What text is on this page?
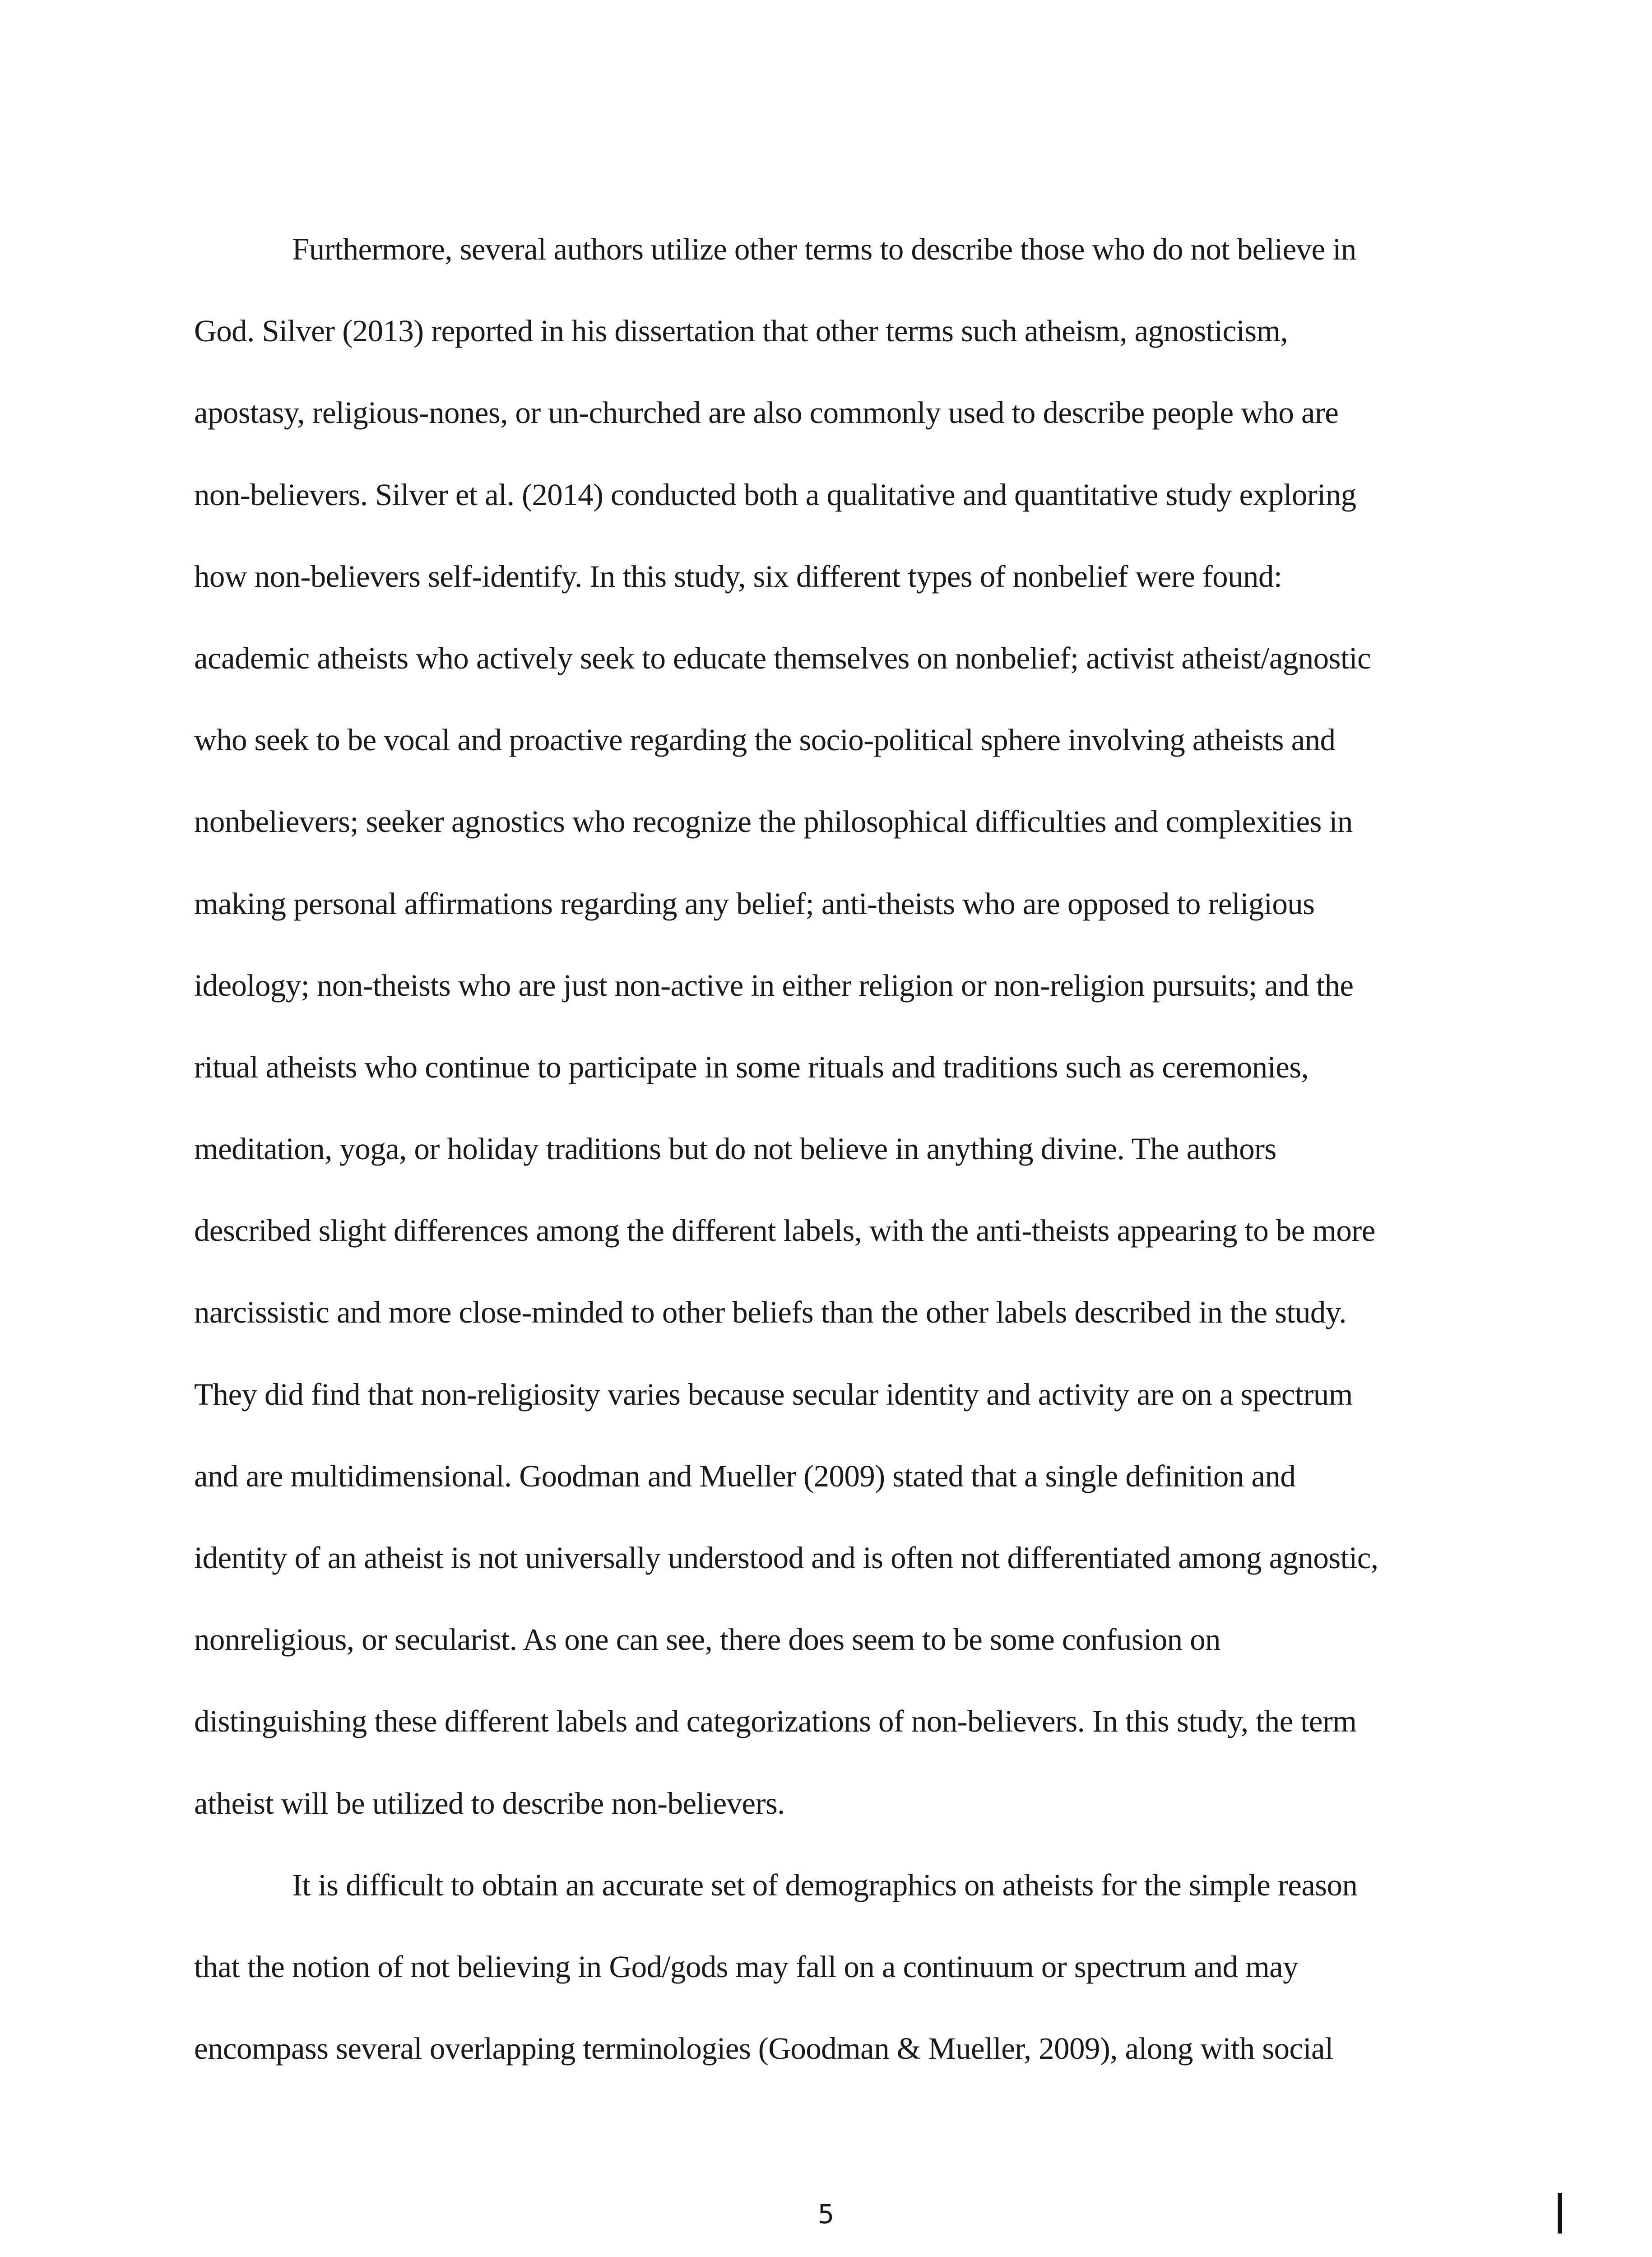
Furthermore, several authors utilize other terms to describe those who do not believe in
God. Silver (2013) reported in his dissertation that other terms such atheism, agnosticism,
apostasy, religious-nones, or un-churched are also commonly used to describe people who are
non-believers. Silver et al. (2014) conducted both a qualitative and quantitative study exploring
how non-believers self-identify. In this study, six different types of nonbelief were found:
academic atheists who actively seek to educate themselves on nonbelief; activist atheist/agnostic
who seek to be vocal and proactive regarding the socio-political sphere involving atheists and
nonbelievers; seeker agnostics who recognize the philosophical difficulties and complexities in
making personal affirmations regarding any belief; anti-theists who are opposed to religious
ideology; non-theists who are just non-active in either religion or non-religion pursuits; and the
ritual atheists who continue to participate in some rituals and traditions such as ceremonies,
meditation, yoga, or holiday traditions but do not believe in anything divine. The authors
described slight differences among the different labels, with the anti-theists appearing to be more
narcissistic and more close-minded to other beliefs than the other labels described in the study.
They did find that non-religiosity varies because secular identity and activity are on a spectrum
and are multidimensional. Goodman and Mueller (2009) stated that a single definition and
identity of an atheist is not universally understood and is often not differentiated among agnostic,
nonreligious, or secularist. As one can see, there does seem to be some confusion on
distinguishing these different labels and categorizations of non-believers. In this study, the term
atheist will be utilized to describe non-believers.
It is difficult to obtain an accurate set of demographics on atheists for the simple reason
that the notion of not believing in God/gods may fall on a continuum or spectrum and may
encompass several overlapping terminologies (Goodman & Mueller, 2009), along with social
5
